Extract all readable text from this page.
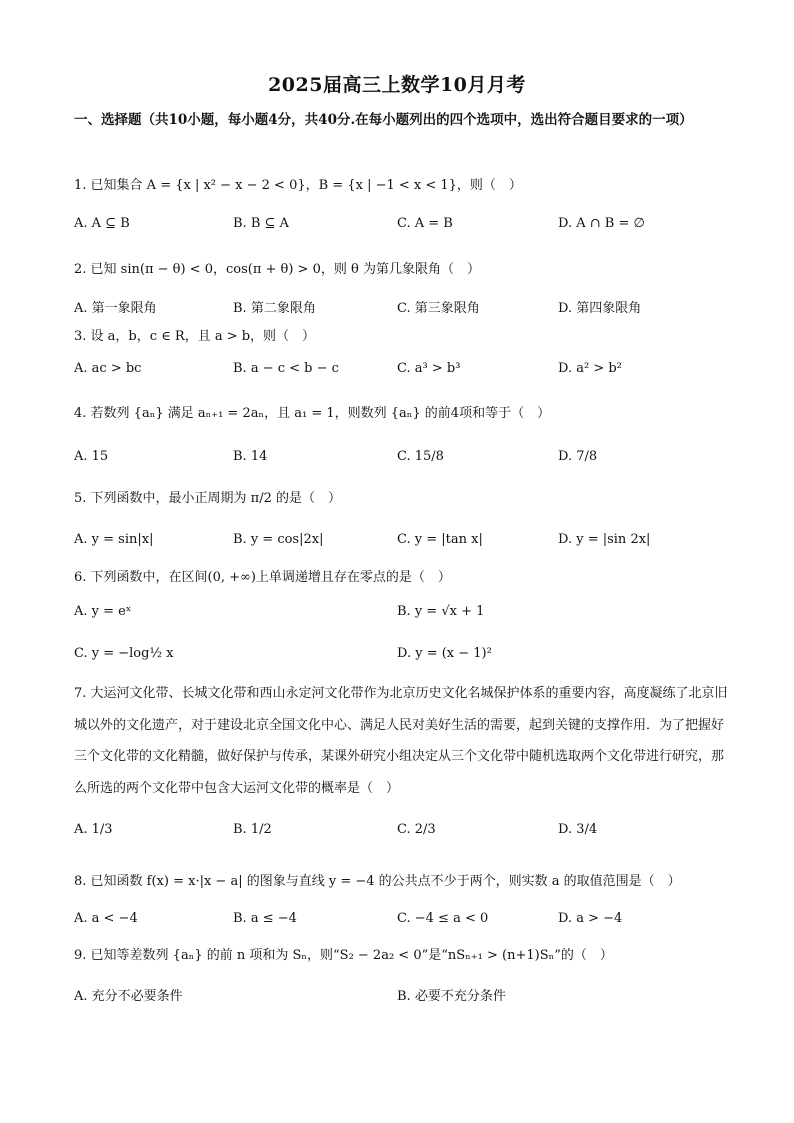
2025届高三上数学10月月考
一、选择题（共10小题，每小题4分，共40分.在每小题列出的四个选项中，选出符合题目要求的一项）
1. 已知集合 A = {x | x² − x − 2 < 0}，B = {x | −1 < x < 1}，则（　）
A. A ⊆ B	B. B ⊆ A	C. A = B	D. A ∩ B = ∅
2. 已知 sin(π − θ) < 0，cos(π + θ) > 0，则 θ 为第几象限角（　）
A. 第一象限角	B. 第二象限角	C. 第三象限角	D. 第四象限角
3. 设 a，b，c ∈ R，且 a > b，则（　）
A. ac > bc	B. a − c < b − c	C. a³ > b³	D. a² > b²
4. 若数列 {aₙ} 满足 aₙ₊₁ = 2aₙ，且 a₁ = 1，则数列 {aₙ} 的前4项和等于（　）
A. 15	B. 14	C. 15/8	D. 7/8
5. 下列函数中，最小正周期为 π/2 的是（　）
A. y = sin|x|	B. y = cos|2x|	C. y = |tan x|	D. y = |sin 2x|
6. 下列函数中，在区间(0, +∞)上单调递增且存在零点的是（　）
A. y = eˣ	B. y = √x + 1
C. y = −log½ x	D. y = (x − 1)²
7. 大运河文化带、长城文化带和西山永定河文化带作为北京历史文化名城保护体系的重要内容，高度凝练了北京旧城以外的文化遗产，对于建设北京全国文化中心、满足人民对美好生活的需要，起到关键的支撑作用．为了把握好三个文化带的文化精髓，做好保护与传承，某课外研究小组决定从三个文化带中随机选取两个文化带进行研究，那么所选的两个文化带中包含大运河文化带的概率是（　）
A. 1/3	B. 1/2	C. 2/3	D. 3/4
8. 已知函数 f(x) = x·|x − a| 的图象与直线 y = −4 的公共点不少于两个，则实数 a 的取值范围是（　）
A. a < −4	B. a ≤ −4	C. −4 ≤ a < 0	D. a > −4
9. 已知等差数列 {aₙ} 的前 n 项和为 Sₙ，则“S₂ − 2a₂ < 0”是“nSₙ₊₁ > (n+1)Sₙ”的（　）
A. 充分不必要条件	B. 必要不充分条件
